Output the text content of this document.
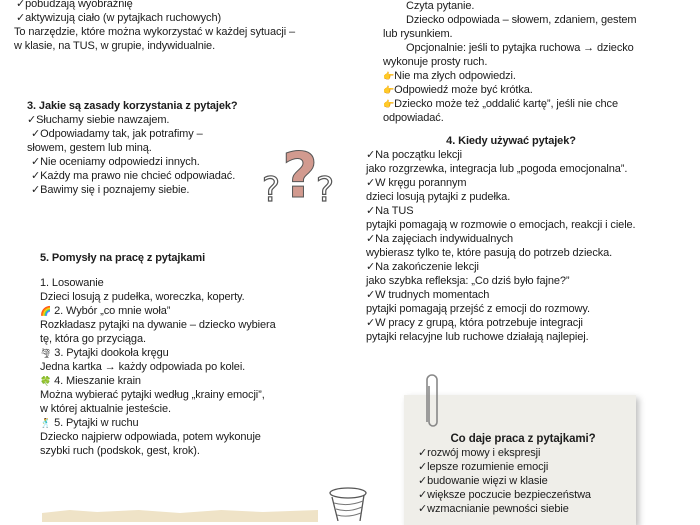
✓ pobudzają wyobraźnię
✓ aktywizują ciało (w pytajkach ruchowych)
To narzędzie, które można wykorzystać w każdej sytuacji –
w klasie, na TUS, w grupie, indywidualnie.
3. Jakie są zasady korzystania z pytajek?
✓ Słuchamy siebie nawzajem.
✓ Odpowiadamy tak, jak potrafimy –
słowem, gestem lub miną.
✓ Nie oceniamy odpowiedzi innych.
✓ Każdy ma prawo nie chcieć odpowiadać.
✓ Bawimy się i poznajemy siebie.	?
? ?
Czyta pytanie.
Dziecko odpowiada – słowem, zdaniem, gestem
lub rysunkiem.
Opcjonalnie: jeśli to pytajka ruchowa → dziecko
wykonuje prosty ruch.
👉 Nie ma złych odpowiedzi.
👉 Odpowiedź może być krótka.
👉 Dziecko może też „oddalić kartę”, jeśli nie chce
odpowiadać.
4. Kiedy używać pytajek?
✓ Na początku lekcji
jako rozgrzewka, integracja lub „pogoda emocjonalna”.
✓ W kręgu porannym
dzieci losują pytajki z pudełka.
✓ Na TUS
pytajki pomagają w rozmowie o emocjach, reakcji i ciele.
✓ Na zajęciach indywidualnych
wybierasz tylko te, które pasują do potrzeb dziecka.
✓ Na zakończenie lekcji
jako szybka refleksja: „Co dziś było fajne?”
✓ W trudnych momentach
pytajki pomagają przejść z emocji do rozmowy.
✓ W pracy z grupą, która potrzebuje integracji
pytajki relacyjne lub ruchowe działają najlepiej.
5. Pomysły na pracę z pytajkami
1. Losowanie
Dzieci losują z pudełka, woreczka, koperty.
🌈 2. Wybór „co mnie woła”
Rozkładasz pytajki na dywanie – dziecko wybiera
tę, która go przyciąga.
🌪 3. Pytajki dookoła kręgu
Jedna kartka → każdy odpowiada po kolei.
🍀 4. Mieszanie krain
Można wybierać pytajki według „krainy emocji”,
w której aktualnie jesteście.
🕺 5. Pytajki w ruchu
Dziecko najpierw odpowiada, potem wykonuje
szybki ruch (podskok, gest, krok).
Co daje praca z pytajkami?
✓ rozwój mowy i ekspresji
✓ lepsze rozumienie emocji
✓ budowanie więzi w klasie
✓ większe poczucie bezpieczeństwa
✓ wzmacnianie pewności siebie
